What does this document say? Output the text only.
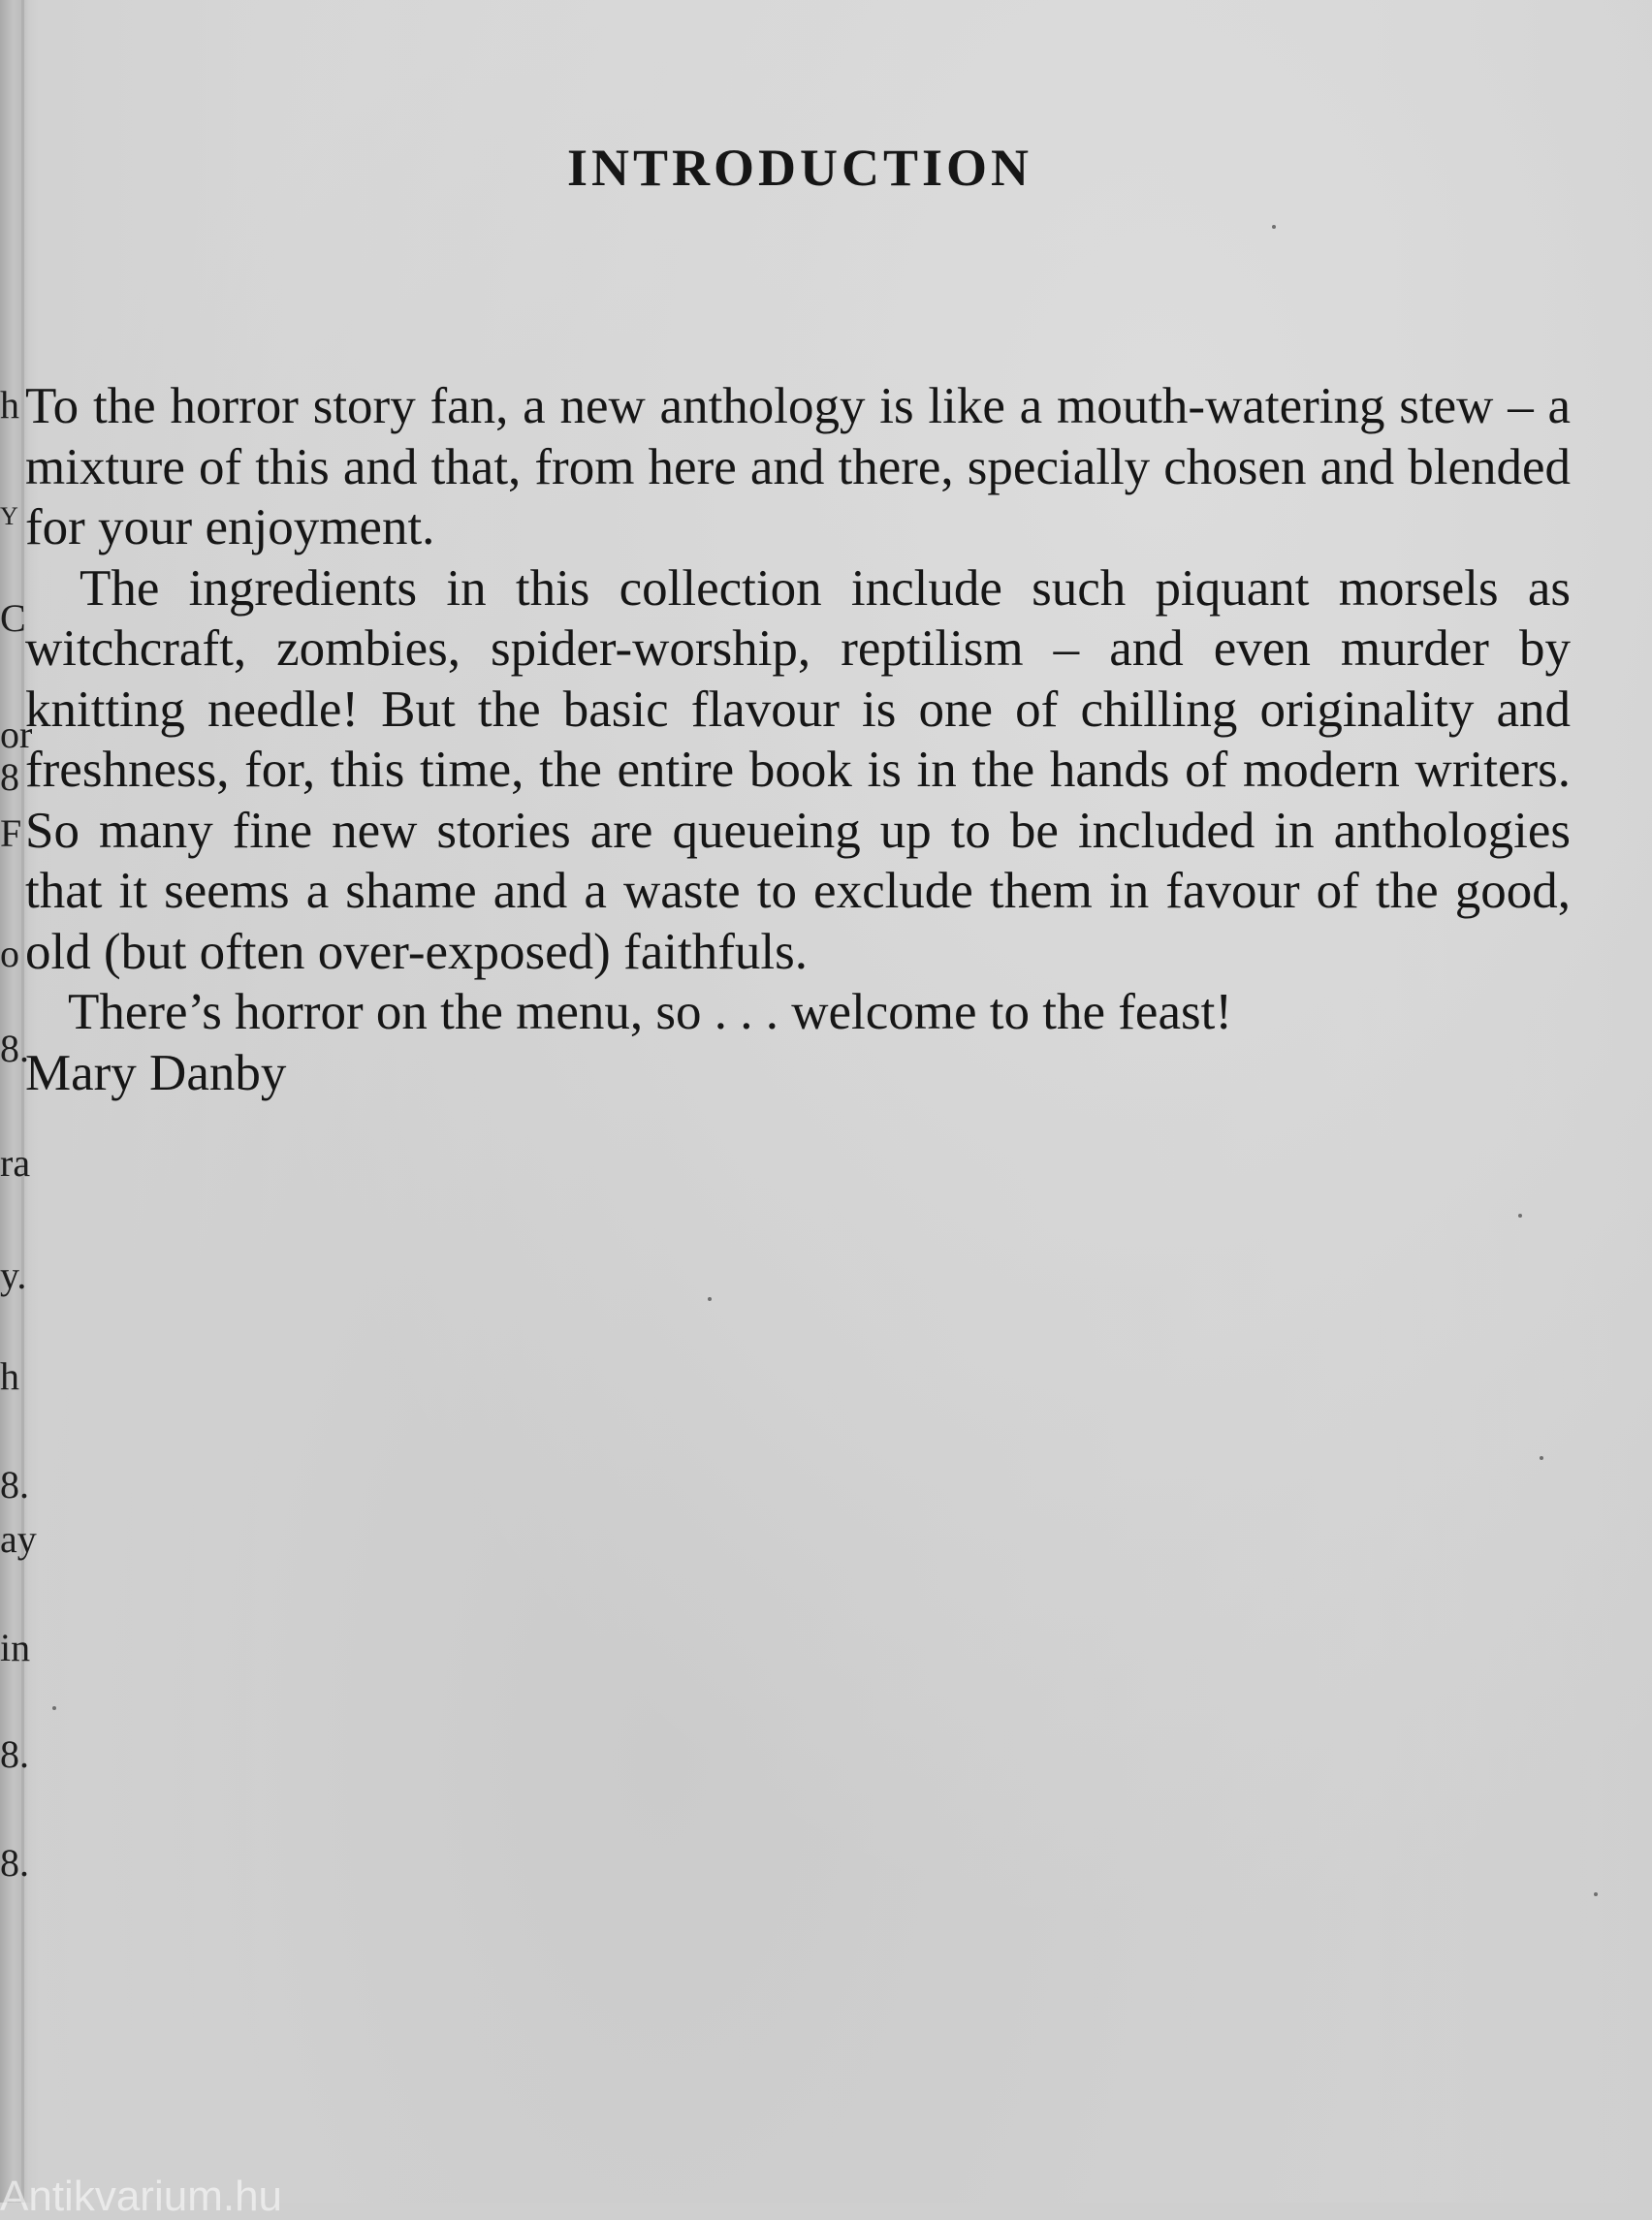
h
Y
C
or
8
F
o
8.
ra
y.
h
8.
ay
in
8.
8.
INTRODUCTION

To the horror story fan, a new anthology is like a mouth-watering stew – a mixture of this and that, from here and there, specially chosen and blended for your enjoyment.

The ingredients in this collection include such piquant morsels as witchcraft, zombies, spider-worship, reptilism – and even murder by knitting needle! But the basic flavour is one of chilling originality and freshness, for, this time, the entire book is in the hands of modern writers. So many fine new stories are queueing up to be included in anthologies that it seems a shame and a waste to exclude them in favour of the good, old (but often over-exposed) faithfuls.

There’s horror on the menu, so . . . welcome to the feast!

Mary Danby

Antikvarium.hu
